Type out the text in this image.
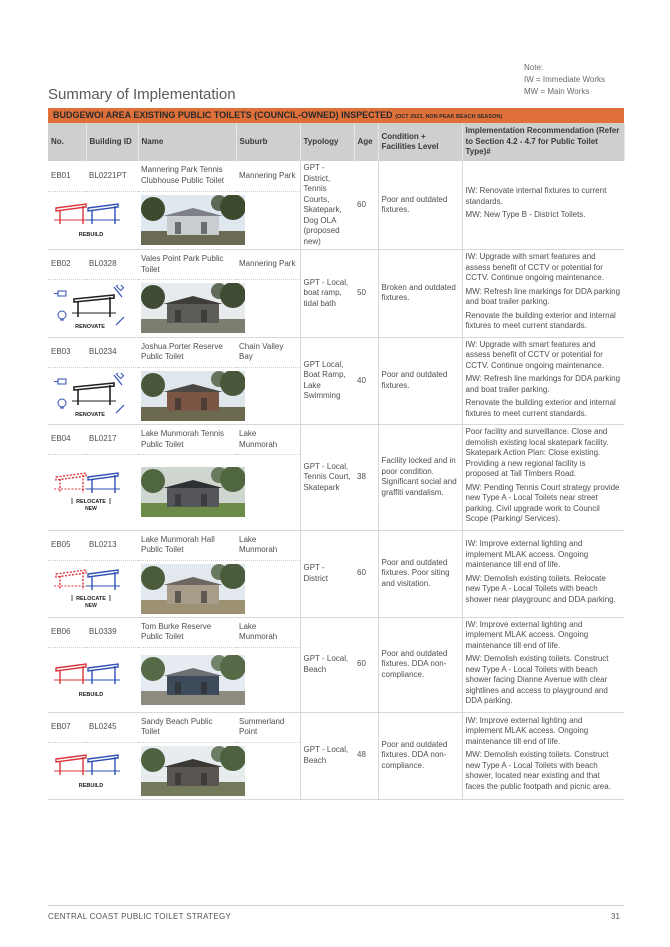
Note:
IW = Immediate Works
MW = Main Works
Summary of Implementation
BUDGEWOI AREA EXISTING PUBLIC TOILETS (COUNCIL-OWNED) INSPECTED (OCT 2023, NON PEAK BEACH SEASON)
No.	Building ID	Name	Suburb	Typology	Age	Condition + Facilities Level	Implementation Recommendation (Refer to Section 4.2 - 4.7 for Public Toilet Type)#
EB01	BL0221PT	Mannering Park Tennis Clubhouse Public Toilet	Mannering Park	GPT - District, Tennis Courts, Skatepark, Dog OLA (proposed new)	60	Poor and outdated fixtures.	IW: Renovate internal fixtures to current standards.

MW: New Type B - District Toilets.

REBUILD							

EB02	BL0328	Vales Point Park Public Toilet	Mannering Park	GPT - Local, boat ramp, tidal bath	50	Broken and outdated fixtures.	IW: Upgrade with smart features and assess benefit of CCTV or potential for CCTV. Continue ongoing maintenance.

MW: Refresh line markings for DDA parking and boat trailer parking.

Renovate the building exterior and internal fixtures to meet current standards.

RENOVATE							

EB03	BL0234	Joshua Porter Reserve Public Toilet	Chain Valley Bay	GPT Local, Boat Ramp, Lake Swimming	40	Poor and outdated fixtures.	IW: Upgrade with smart features and assess benefit of CCTV or potential for CCTV. Continue ongoing maintenance.

MW: Refresh line markings for DDA parking and boat trailer parking.

Renovate the building exterior and internal fixtures to meet current standards.

RENOVATE							

EB04	BL0217	Lake Munmorah Tennis Public Toilet	Lake Munmorah	GPT - Local, Tennis Court, Skatepark	38	Facility locked and in poor condition. Significant social and graffiti vandalism.	Poor facility and surveillance. Close and demolish existing local skatepark facility. Skatepark Action Plan: Close existing. Providing a new regional facility is proposed at Tall Timbers Road.

MW: Pending Tennis Court strategy provide new Type A - Local Toilets near street parking. Civil upgrade work to Council Scope (Parking/ Services).

RELOCATE
NEW							

EB05	BL0213	Lake Munmorah Hall Public Toilet	Lake Munmorah	GPT - District	60	Poor and outdated fixtures. Poor siting and visitation.	IW: Improve external lighting and implement MLAK access. Ongoing maintenance till end of life.

MW: Demolish existing toilets. Relocate new Type A - Local Toilets with beach shower near playgrounc and DDA parking.

RELOCATE
NEW							

EB06	BL0339	Tom Burke Reserve Public Toilet	Lake Munmorah	GPT - Local, Beach	60	Poor and outdated fixtures. DDA non-compliance.	IW: Improve external lighting and implement MLAK access. Ongoing maintenance till end of life.

MW: Demolish existing toilets. Construct new Type A - Local Toilets with beach shower facing Dianne Avenue with clear sightlines and access to playground and DDA parking.

REBUILD							

EB07	BL0245	Sandy Beach Public Toilet	Summerland Point	GPT - Local, Beach	48	Poor and outdated fixtures. DDA non-compliance.	IW: Improve external lighting and implement MLAK access. Ongoing maintenance till end of life.

MW: Demolish existing toilets. Construct new Type A - Local Toilets with beach shower, located near existing and that faces the public footpath and picnic area.

REBUILD							
CENTRAL COAST PUBLIC TOILET STRATEGY	31
